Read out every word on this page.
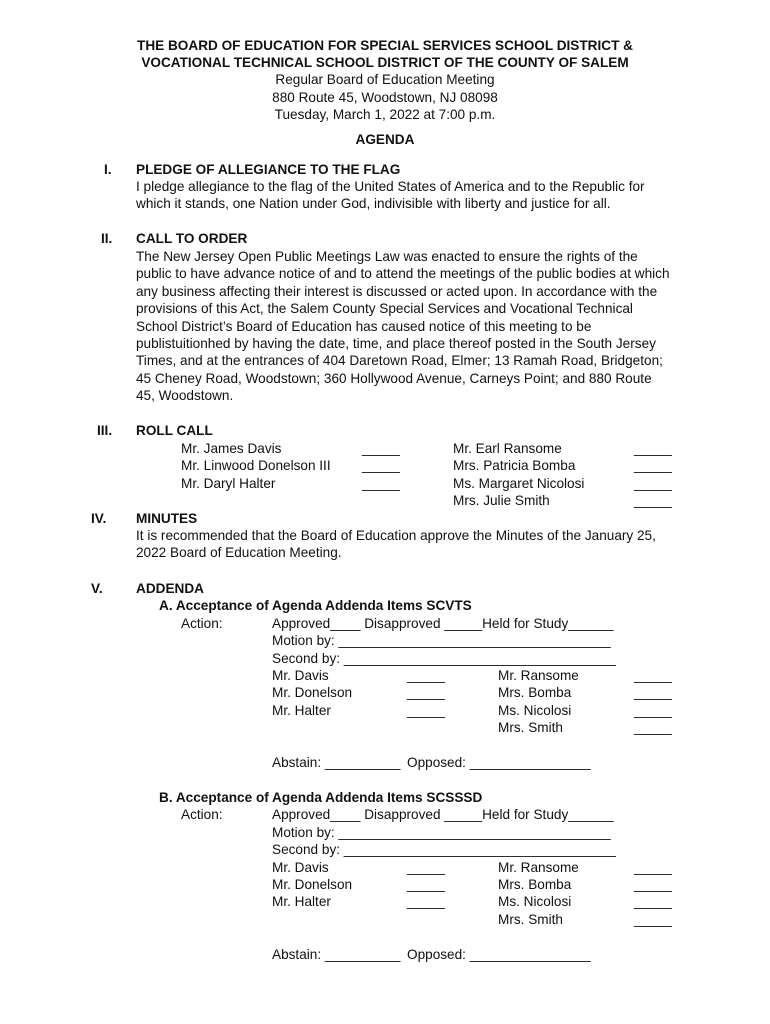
THE BOARD OF EDUCATION FOR SPECIAL SERVICES SCHOOL DISTRICT &
VOCATIONAL TECHNICAL SCHOOL DISTRICT OF THE COUNTY OF SALEM
Regular Board of Education Meeting
880 Route 45, Woodstown, NJ 08098
Tuesday, March 1, 2022 at 7:00 p.m.
AGENDA
I. PLEDGE OF ALLEGIANCE TO THE FLAG
I pledge allegiance to the flag of the United States of America and to the Republic for
which it stands, one Nation under God, indivisible with liberty and justice for all.
II. CALL TO ORDER
The New Jersey Open Public Meetings Law was enacted to ensure the rights of the
public to have advance notice of and to attend the meetings of the public bodies at which
any business affecting their interest is discussed or acted upon. In accordance with the
provisions of this Act, the Salem County Special Services and Vocational Technical
School District’s Board of Education has caused notice of this meeting to be
publistuitionhed by having the date, time, and place thereof posted in the South Jersey
Times, and at the entrances of 404 Daretown Road, Elmer; 13 Ramah Road, Bridgeton;
45 Cheney Road, Woodstown; 360 Hollywood Avenue, Carneys Point; and 880 Route
45, Woodstown.
III. ROLL CALL
Mr. James Davis
Mr. Linwood Donelson III
Mr. Daryl Halter
_____
_____
_____
Mr. Earl Ransome
Mrs. Patricia Bomba
Ms. Margaret Nicolosi
Mrs. Julie Smith
_____
_____
_____
_____
IV. MINUTES
It is recommended that the Board of Education approve the Minutes of the January 25,
2022 Board of Education Meeting.
V. ADDENDA
A. Acceptance of Agenda Addenda Items SCVTS
Action:	Approved____ Disapproved _____Held for Study______
Motion by: ____________________________________
Second by: ____________________________________
Mr. Davis
Mr. Donelson
Mr. Halter
_____
_____
_____
Mr. Ransome
Mrs. Bomba
Ms. Nicolosi
Mrs. Smith
_____
_____
_____
_____
Abstain: __________ Opposed: ________________
B. Acceptance of Agenda Addenda Items SCSSSD
Action:	Approved____ Disapproved _____Held for Study______
Motion by: ____________________________________
Second by: ____________________________________
Mr. Davis
Mr. Donelson
Mr. Halter
_____
_____
_____
Mr. Ransome
Mrs. Bomba
Ms. Nicolosi
Mrs. Smith
_____
_____
_____
_____
Abstain: __________ Opposed: ________________
